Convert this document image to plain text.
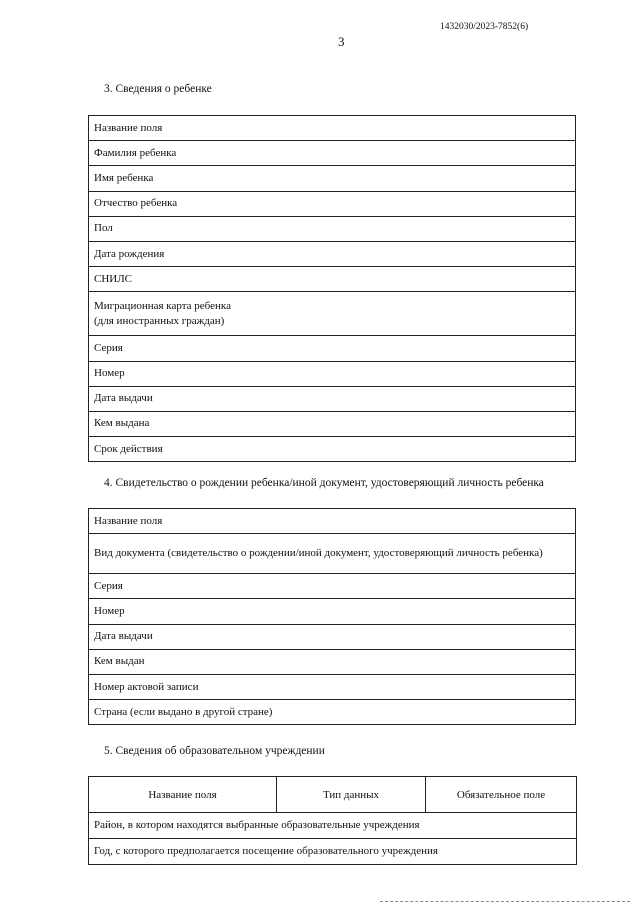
1432030/2023-7852(6)
3
3. Сведения о ребенке
Название поля
Фамилия ребенка
Имя ребенка
Отчество ребенка
Пол
Дата рождения
СНИЛС
Миграционная карта ребенка
(для иностранных граждан)
Серия
Номер
Дата выдачи
Кем выдана
Срок действия
4. Свидетельство о рождении ребенка/иной документ, удостоверяющий личность ребенка
Название поля
Вид документа (свидетельство о рождении/иной документ, удостоверяющий личность ребенка)
Серия
Номер
Дата выдачи
Кем выдан
Номер актовой записи
Страна (если выдано в другой стране)
5. Сведения об образовательном учреждении
Название поля	Тип данных	Обязательное поле
Район, в котором находятся выбранные образовательные учреждения
Год, с которого предполагается посещение образовательного учреждения
